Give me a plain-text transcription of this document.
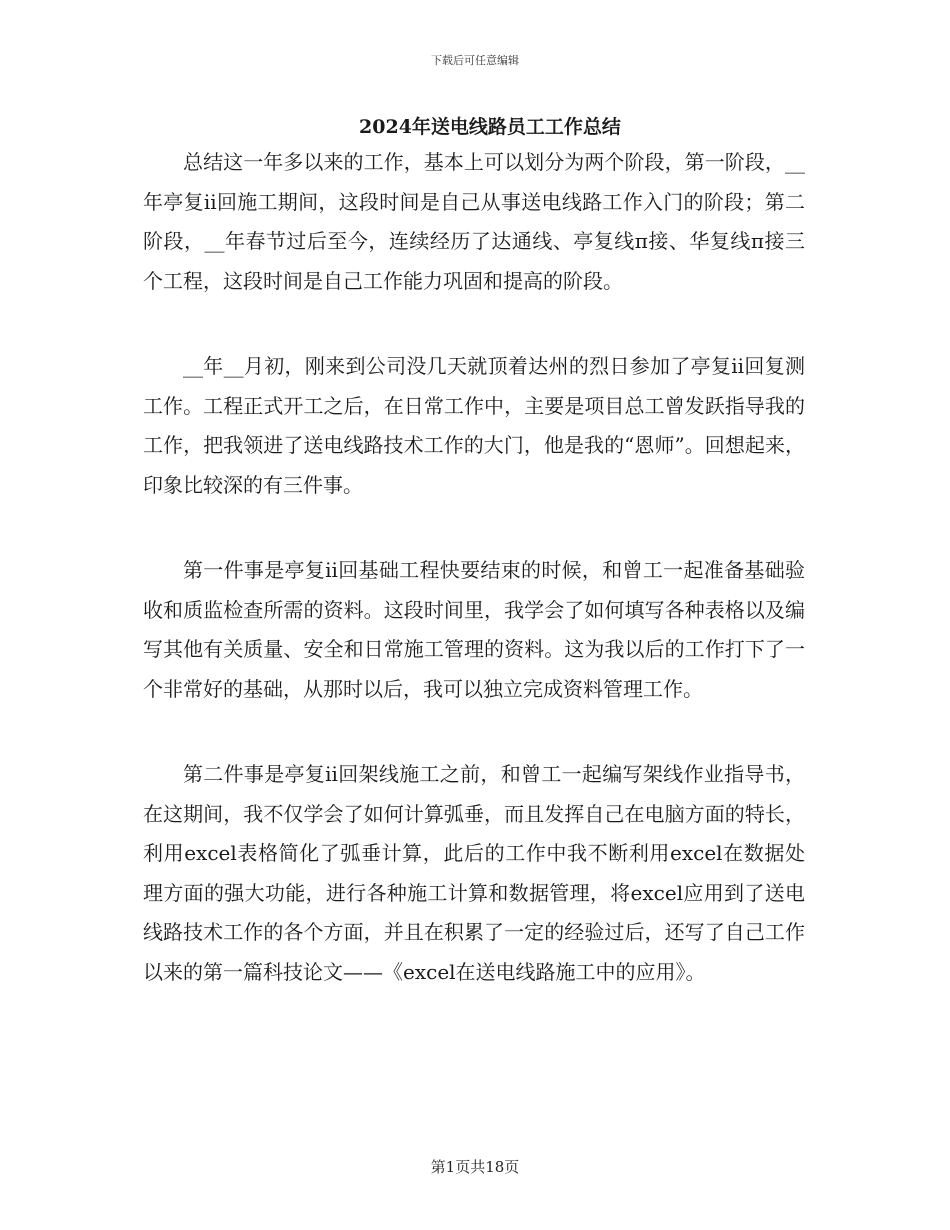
下载后可任意编辑
2024年送电线路员工工作总结

总结这一年多以来的工作，基本上可以划分为两个阶段，第一阶段，__年亭复ii回施工期间，这段时间是自己从事送电线路工作入门的阶段；第二阶段，__年春节过后至今，连续经历了达通线、亭复线π接、华复线π接三个工程，这段时间是自己工作能力巩固和提高的阶段。

__年__月初，刚来到公司没几天就顶着达州的烈日参加了亭复ii回复测工作。工程正式开工之后，在日常工作中，主要是项目总工曾发跃指导我的工作，把我领进了送电线路技术工作的大门，他是我的“恩师”。回想起来，印象比较深的有三件事。

第一件事是亭复ii回基础工程快要结束的时候，和曾工一起准备基础验收和质监检查所需的资料。这段时间里，我学会了如何填写各种表格以及编写其他有关质量、安全和日常施工管理的资料。这为我以后的工作打下了一个非常好的基础，从那时以后，我可以独立完成资料管理工作。

第二件事是亭复ii回架线施工之前，和曾工一起编写架线作业指导书，在这期间，我不仅学会了如何计算弧垂，而且发挥自己在电脑方面的特长，利用excel表格简化了弧垂计算，此后的工作中我不断利用excel在数据处理方面的强大功能，进行各种施工计算和数据管理，将excel应用到了送电线路技术工作的各个方面，并且在积累了一定的经验过后，还写了自己工作以来的第一篇科技论文——《excel在送电线路施工中的应用》。

第1页共18页
